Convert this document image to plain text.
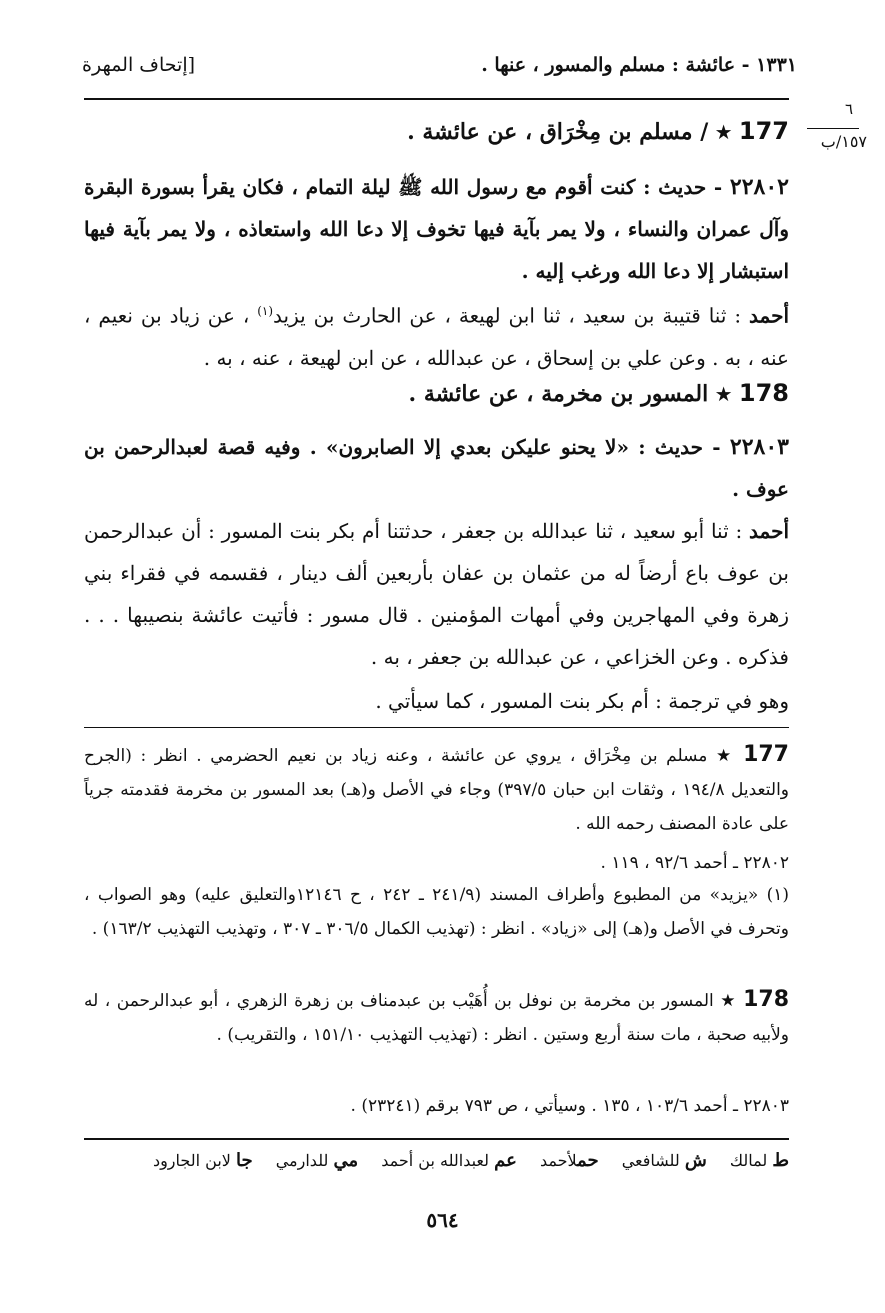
١٣٣١ - عائشة : مسلم والمسور ، عنها .
[إتحاف المهرة
٦
١٥٧/ب

177 ★ / مسلم بن مِخْرَاق ، عن عائشة .

٢٢٨٠٢ - حديث : كنت أقوم مع رسول الله ﷺ ليلة التمام ، فكان يقرأ بسورة البقرة وآل عمران والنساء ، ولا يمر بآية فيها تخوف إلا دعا الله واستعاذه ، ولا يمر بآية فيها استبشار إلا دعا الله ورغب إليه .

أحمد : ثنا قتيبة بن سعيد ، ثنا ابن لهيعة ، عن الحارث بن يزيد$^{(١)}$ ، عن زياد بن نعيم ، عنه ، به . وعن علي بن إسحاق ، عن عبدالله ، عن ابن لهيعة ، عنه ، به .

178 ★ المسور بن مخرمة ، عن عائشة .

٢٢٨٠٣ - حديث : «لا يحنو عليكن بعدي إلا الصابرون» . وفيه قصة لعبدالرحمن بن عوف .

أحمد : ثنا أبو سعيد ، ثنا عبدالله بن جعفر ، حدثتنا أم بكر بنت المسور : أن عبدالرحمن بن عوف باع أرضاً له من عثمان بن عفان بأربعين ألف دينار ، فقسمه في فقراء بني زهرة وفي المهاجرين وفي أمهات المؤمنين . قال مسور : فأتيت عائشة بنصيبها . . . فذكره . وعن الخزاعي ، عن عبدالله بن جعفر ، به .

وهو في ترجمة : أم بكر بنت المسور ، كما سيأتي .

177 ★ مسلم بن مِخْرَاق ، يروي عن عائشة ، وعنه زياد بن نعيم الحضرمي . انظر : (الجرح والتعديل ١٩٤/٨ ، وثقات ابن حبان ٣٩٧/٥) وجاء في الأصل و(هـ) بعد المسور بن مخرمة فقدمته جرياً على عادة المصنف رحمه الله .

٢٢٨٠٢ ـ أحمد ٩٢/٦ ، ١١٩ .

(١) «يزيد» من المطبوع وأطراف المسند (٢٤١/٩ ـ ٢٤٢ ، ح ١٢١٤٦والتعليق عليه) وهو الصواب ، وتحرف في الأصل و(هـ) إلى «زياد» . انظر : (تهذيب الكمال ٣٠٦/٥ ـ ٣٠٧ ، وتهذيب التهذيب ١٦٣/٢) .

178 ★ المسور بن مخرمة بن نوفل بن أُهَيْب بن عبدمناف بن زهرة الزهري ، أبو عبدالرحمن ، له ولأبيه صحبة ، مات سنة أربع وستين . انظر : (تهذيب التهذيب ١٥١/١٠ ، والتقريب) .

٢٢٨٠٣ ـ أحمد ١٠٣/٦ ، ١٣٥ . وسيأتي ، ص ٧٩٣ برقم (٢٣٢٤١) .

ط لمالك ش للشافعي حملأحمد عم لعبدالله بن أحمد مي للدارمي جا لابن الجارود
٥٦٤
